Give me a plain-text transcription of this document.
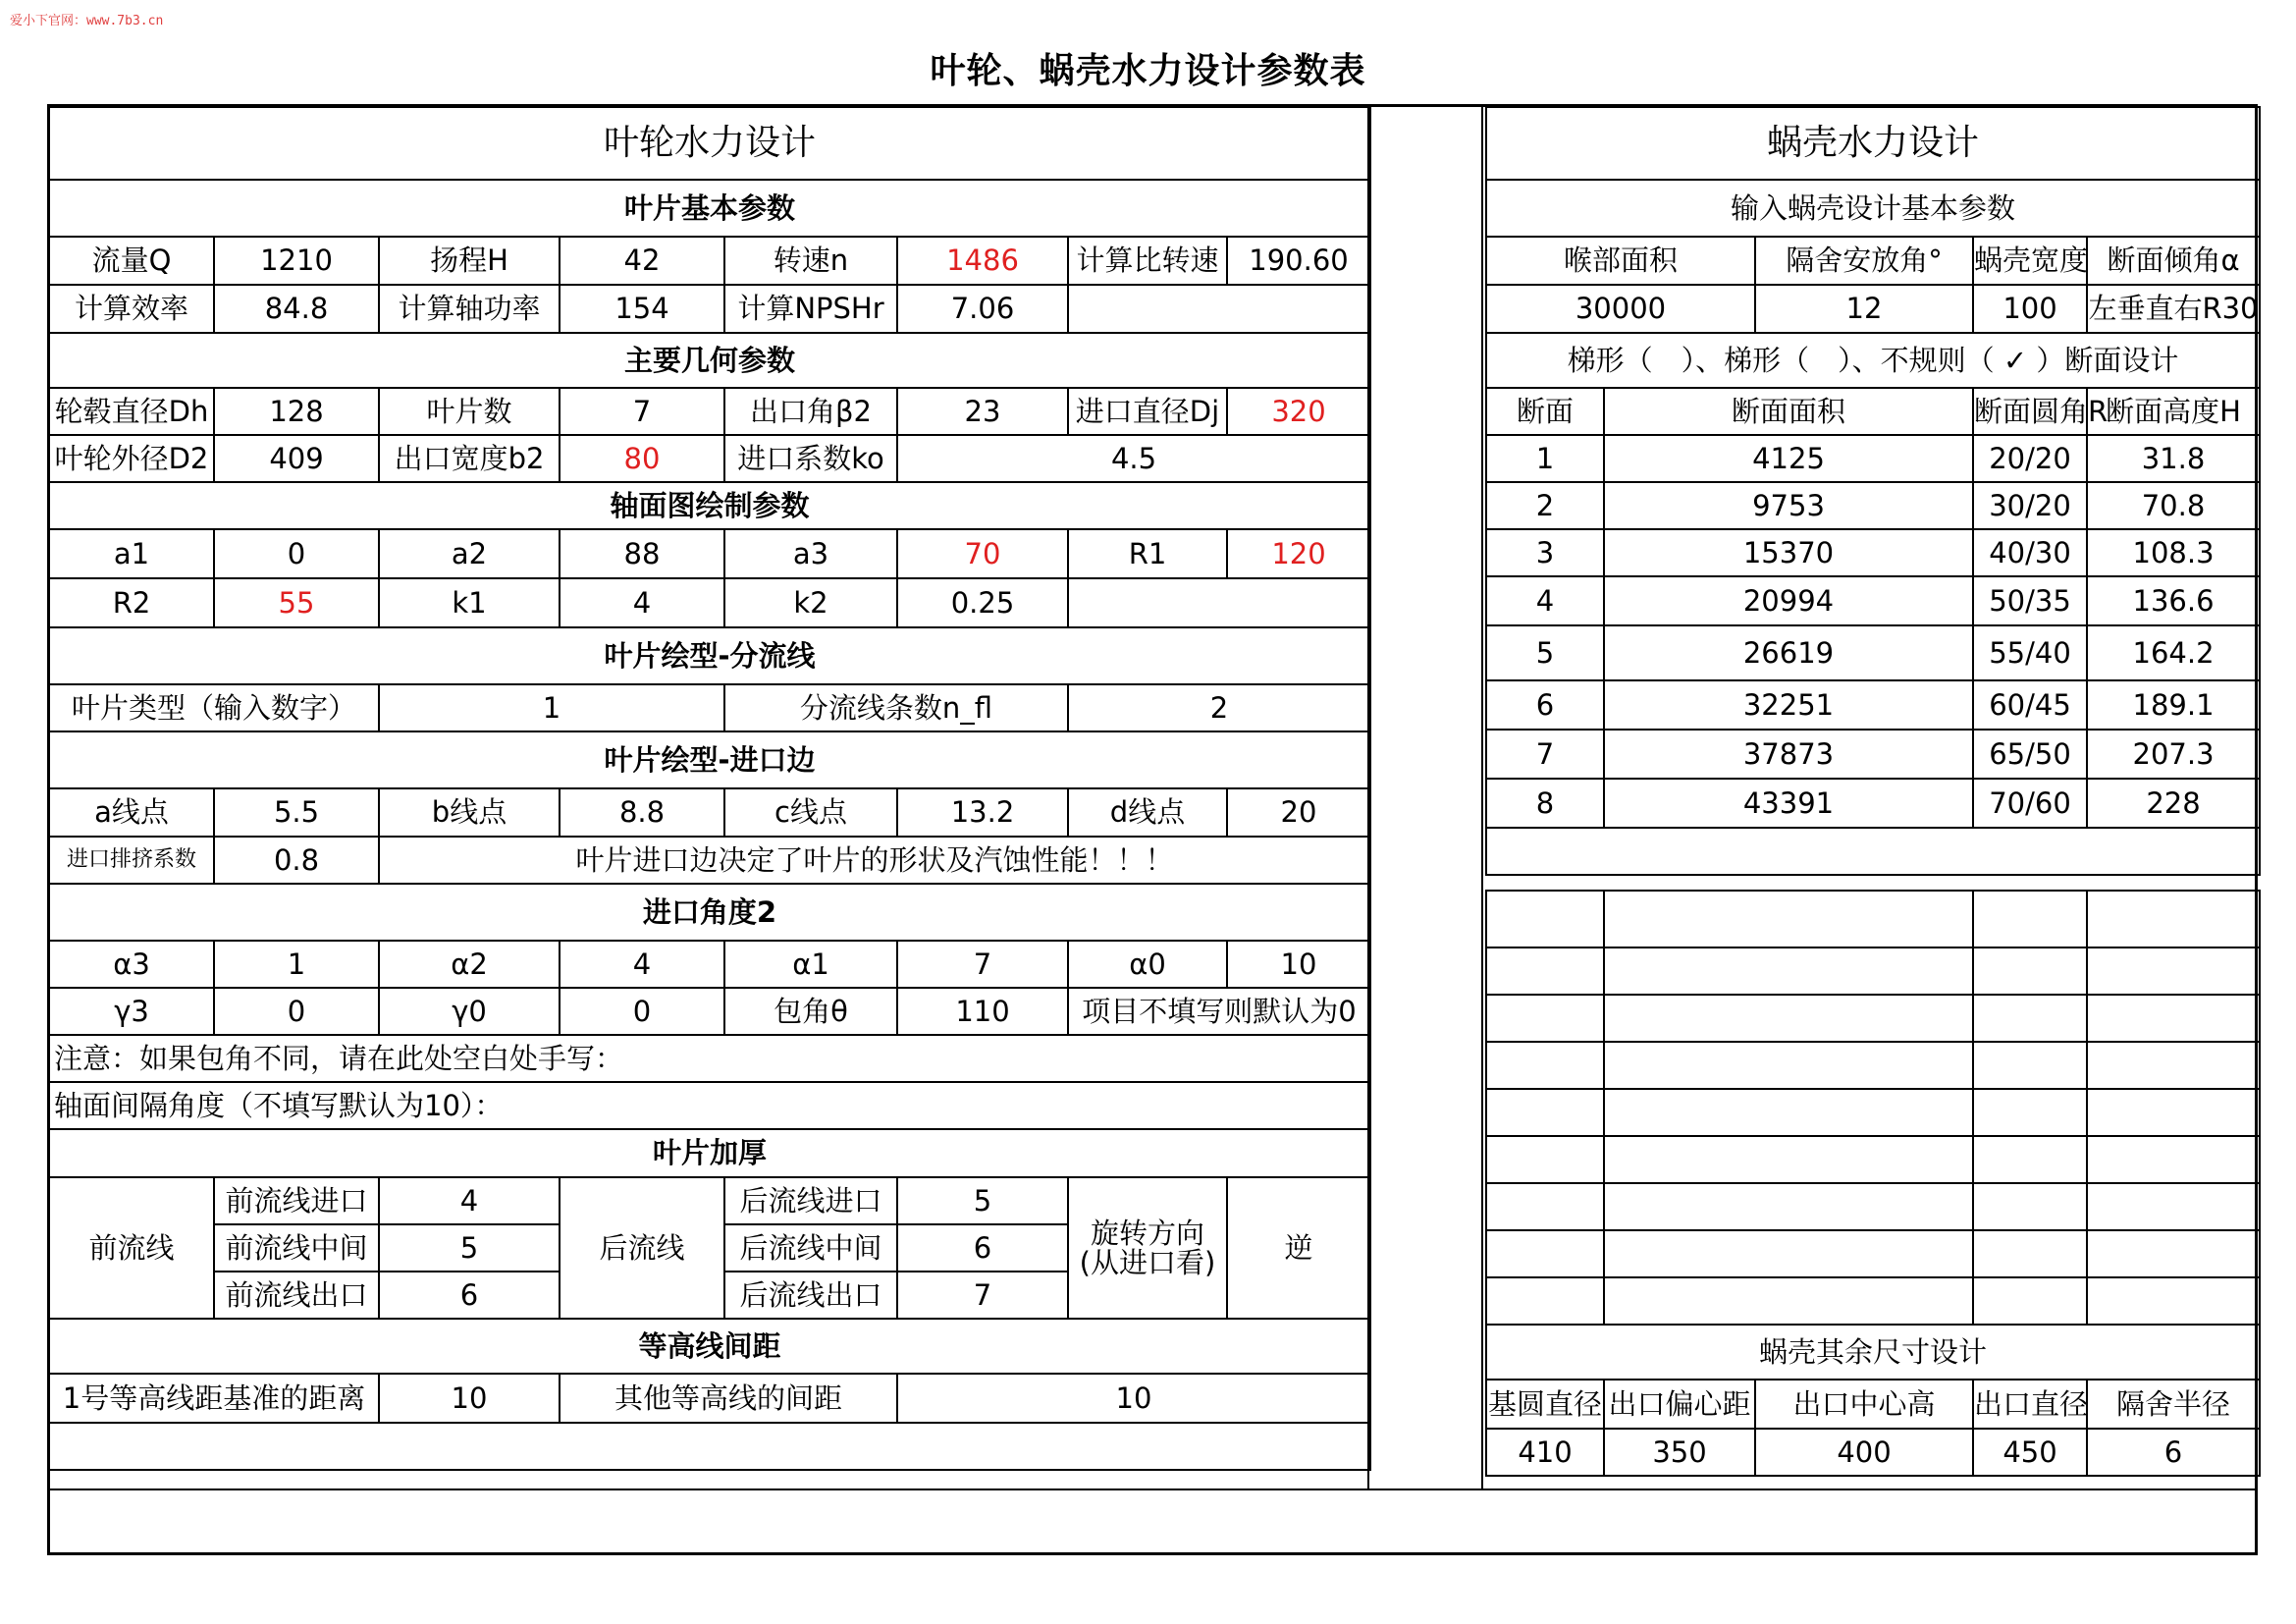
爱小下官网：www.7b3.cn
叶轮、蜗壳水力设计参数表
叶轮水力设计							
叶片基本参数							
流量Q	1210	扬程H	42	转速n	1486	计算比转速	190.60
计算效率	84.8	计算轴功率	154	计算NPSHr	7.06		
主要几何参数							
轮毂直径Dh	128	叶片数	7	出口角β2	23	进口直径Dj	320
叶轮外径D2	409	出口宽度b2	80	进口系数ko	4.5		
轴面图绘制参数							
a1	0	a2	88	a3	70	R1	120
R2	55	k1	4	k2	0.25		
叶片绘型-分流线							
叶片类型（输入数字）		1		分流线条数n_fl		2	
叶片绘型-进口边							
a线点	5.5	b线点	8.8	c线点	13.2	d线点	20
进口排挤系数	0.8	叶片进口边决定了叶片的形状及汽蚀性能！！！					
进口角度2							
α3	1	α2	4	α1	7	α0	10
γ3	0	γ0	0	包角θ	110	项目不填写则默认为0	
注意：如果包角不同，请在此处空白处手写：							
轴面间隔角度（不填写默认为10）：							
叶片加厚							
前流线	前流线进口	4	后流线	后流线进口	5	旋转方向
(从进口看)	逆
	前流线中间	5		后流线中间	6		
	前流线出口	6		后流线出口	7		
等高线间距							
1号等高线距基准的距离		10	其他等高线的间距		10		

蜗壳水力设计				
输入蜗壳设计基本参数				
喉部面积		隔舍安放角°	蜗壳宽度	断面倾角α
30000		12	100	左垂直右R30
梯形（　）、梯形（　）、不规则（ ✓ ）断面设计				
断面	断面面积		断面圆角R	断面高度H
1	4125		20/20	31.8
2	9753		30/20	70.8
3	15370		40/30	108.3
4	20994		50/35	136.6
5	26619		55/40	164.2
6	32251		60/45	189.1
7	37873		65/50	207.3
8	43391		70/60	228

蜗壳其余尺寸设计				
基圆直径	出口偏心距	出口中心高	出口直径	隔舍半径
410	350	400	450	6
